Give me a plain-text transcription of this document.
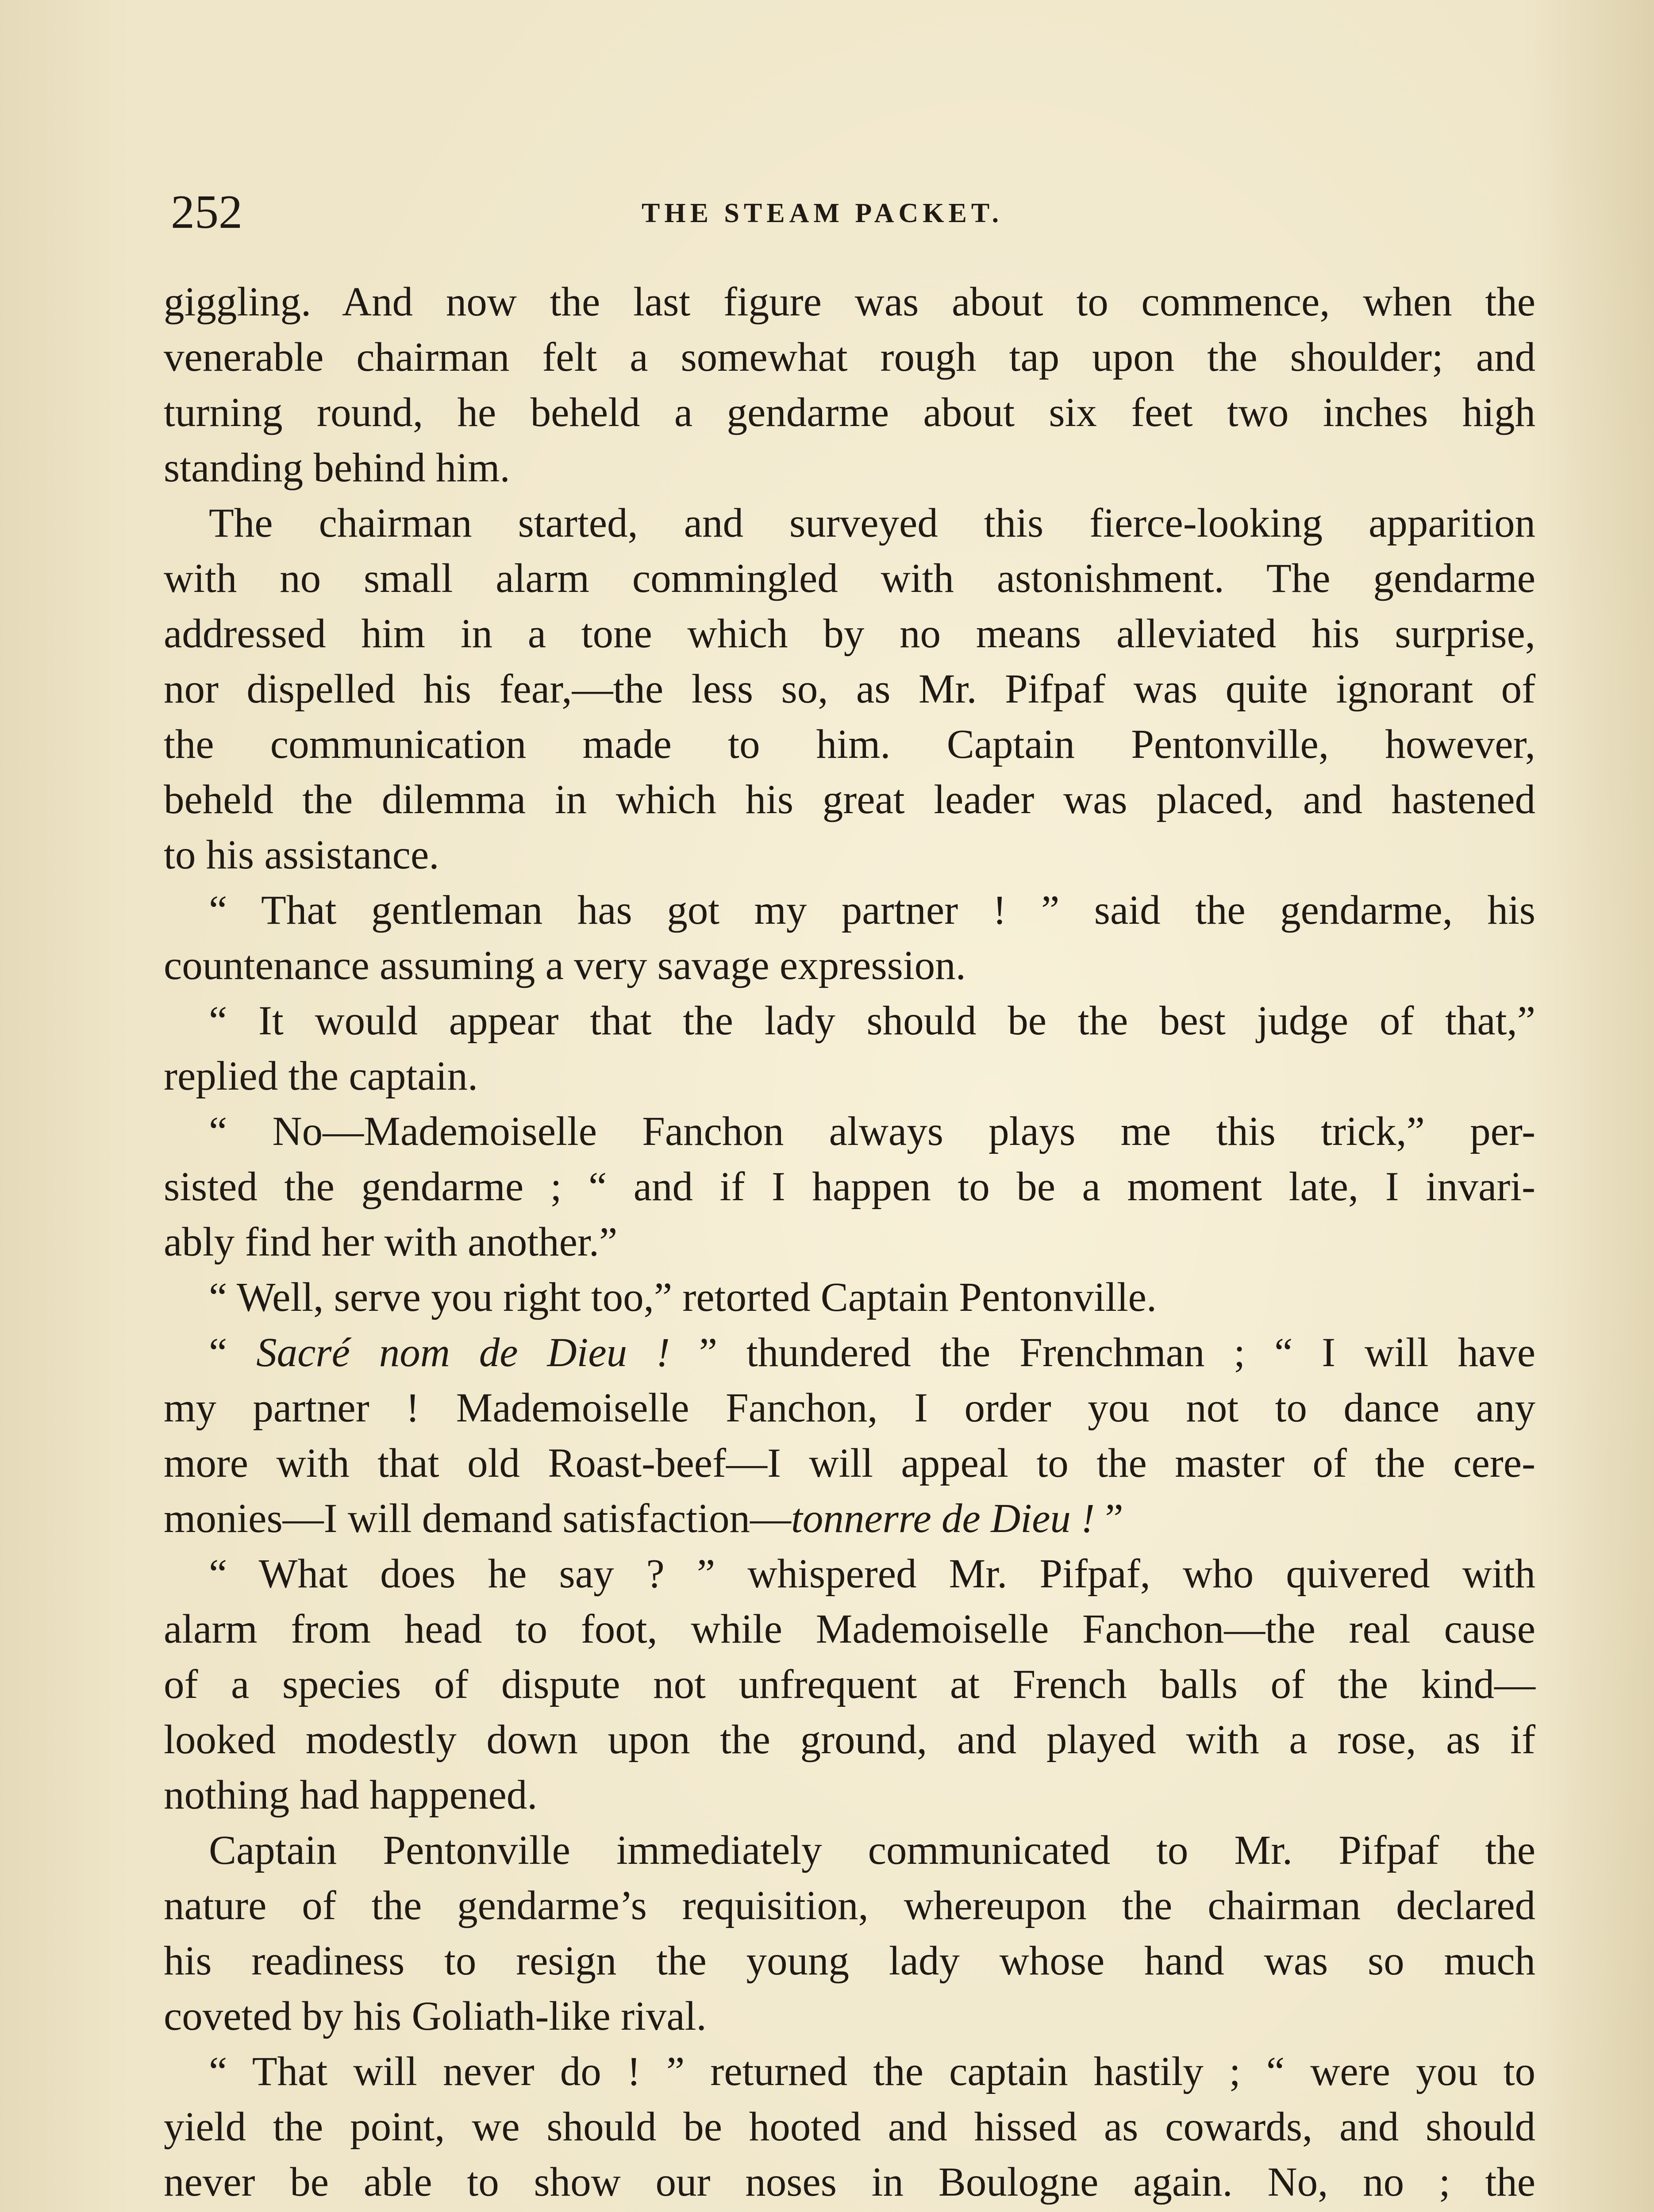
252	THE STEAM PACKET.
giggling. And now the last figure was about to commence, when the
venerable chairman felt a somewhat rough tap upon the shoulder; and
turning round, he beheld a gendarme about six feet two inches high
standing behind him.
The chairman started, and surveyed this fierce-looking apparition
with no small alarm commingled with astonishment. The gendarme
addressed him in a tone which by no means alleviated his surprise,
nor dispelled his fear,—the less so, as Mr. Pifpaf was quite ignorant of
the communication made to him. Captain Pentonville, however,
beheld the dilemma in which his great leader was placed, and hastened
to his assistance.
“ That gentleman has got my partner ! ” said the gendarme, his
countenance assuming a very savage expression.
“ It would appear that the lady should be the best judge of that,”
replied the captain.
“ No—Mademoiselle Fanchon always plays me this trick,” per-
sisted the gendarme ; “ and if I happen to be a moment late, I invari-
ably find her with another.”
“ Well, serve you right too,” retorted Captain Pentonville.
“ Sacré nom de Dieu ! ” thundered the Frenchman ; “ I will have
my partner ! Mademoiselle Fanchon, I order you not to dance any
more with that old Roast-beef—I will appeal to the master of the cere-
monies—I will demand satisfaction—tonnerre de Dieu ! ”
“ What does he say ? ” whispered Mr. Pifpaf, who quivered with
alarm from head to foot, while Mademoiselle Fanchon—the real cause
of a species of dispute not unfrequent at French balls of the kind—
looked modestly down upon the ground, and played with a rose, as if
nothing had happened.
Captain Pentonville immediately communicated to Mr. Pifpaf the
nature of the gendarme’s requisition, whereupon the chairman declared
his readiness to resign the young lady whose hand was so much
coveted by his Goliath-like rival.
“ That will never do ! ” returned the captain hastily ; “ were you to
yield the point, we should be hooted and hissed as cowards, and should
never be able to show our noses in Boulogne again. No, no ; the
